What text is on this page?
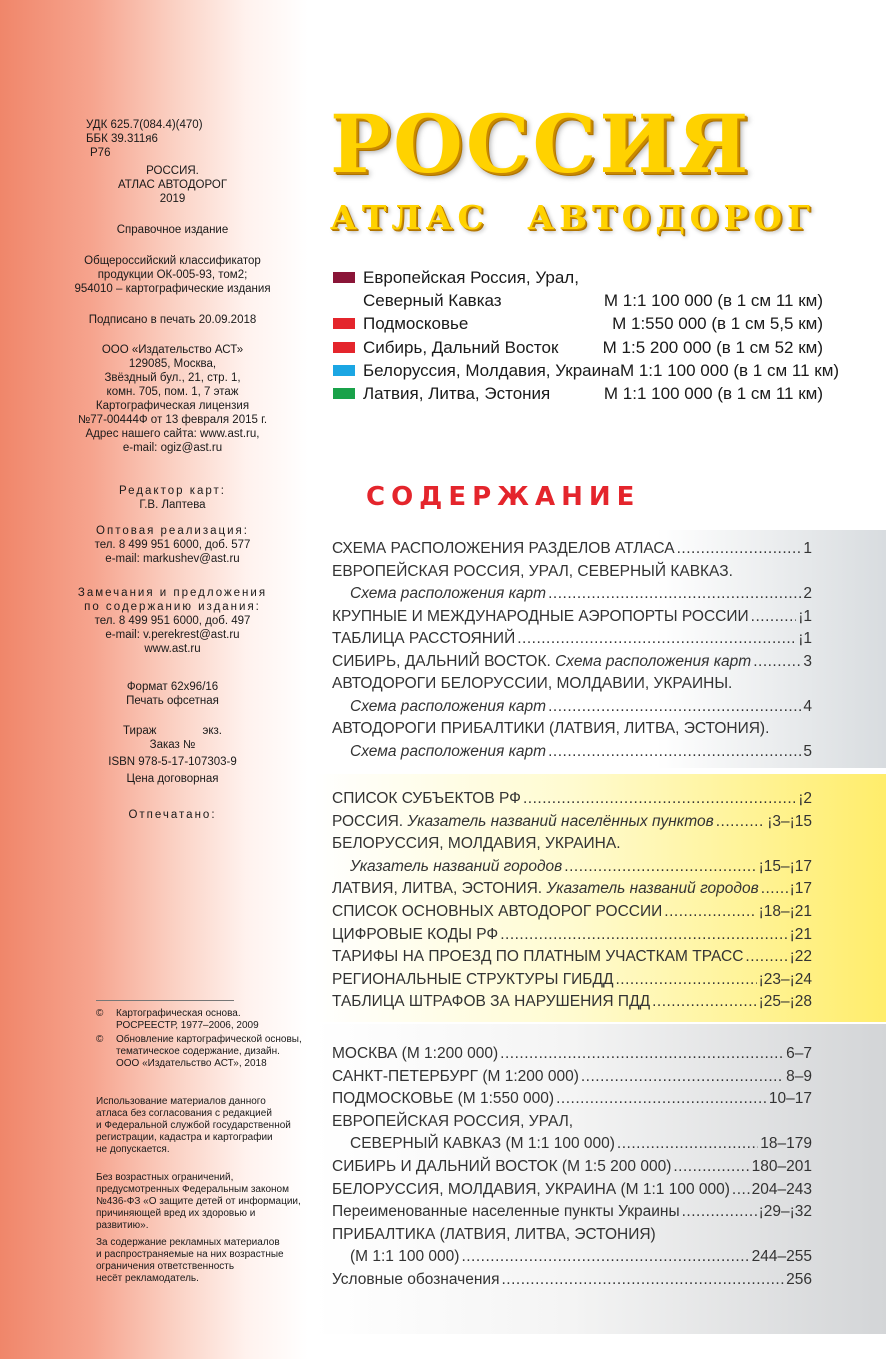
УДК 625.7(084.4)(470)
ББК 39.311я6
Р76
РОССИЯ.
АТЛАС АВТОДОРОГ
2019
Справочное издание
Общероссийский классификатор
продукции ОК-005-93, том2;
954010 – картографические издания
Подписано в печать 20.09.2018
ООО «Издательство АСТ»
129085, Москва,
Звёздный бул., 21, стр. 1,
комн. 705, пом. 1, 7 этаж
Картографическая лицензия
№77-00444Ф от 13 февраля 2015 г.
Адрес нашего сайта: www.ast.ru,
e-mail: ogiz@ast.ru
Редактор карт:
Г.В. Лаптева
Оптовая реализация:
тел. 8 499 951 6000, доб. 577
e-mail: markushev@ast.ru
Замечания и предложения
по содержанию издания:
тел. 8 499 951 6000, доб. 497
e-mail: v.perekrest@ast.ru
www.ast.ru
Формат 62х96/16
Печать офсетная
Тираж	экз.
Заказ №
ISBN 978-5-17-107303-9
Цена договорная
Отпечатано:
©	Картографическая основа.
РОСРЕЕСТР, 1977–2006, 2009
©	Обновление картографической основы,
тематическое содержание, дизайн.
ООО «Издательство АСТ», 2018
Использование материалов данного
атласа без согласования с редакцией
и Федеральной службой государственной
регистрации, кадастра и картографии
не допускается.
Без возрастных ограничений,
предусмотренных Федеральным законом
№436-ФЗ «О защите детей от информации,
причиняющей вред их здоровью и развитию».
За содержание рекламных материалов
и распространяемые на них возрастные
ограничения ответственность
несёт рекламодатель.
РОССИЯ
АТЛАС АВТОДОРОГ
Европейская Россия, Урал,
Северный Кавказ	М 1:1 100 000 (в 1 см 11 км)
Подмосковье	М 1:550 000 (в 1 см 5,5 км)
Сибирь, Дальний Восток	М 1:5 200 000 (в 1 см 52 км)
Белоруссия, Молдавия, Украина М 1:1 100 000 (в 1 см 11 км)
Латвия, Литва, Эстония	М 1:1 100 000 (в 1 см 11 км)
СОДЕРЖАНИЕ
СХЕМА РАСПОЛОЖЕНИЯ РАЗДЕЛОВ АТЛАСА .....	1
ЕВРОПЕЙСКАЯ РОССИЯ, УРАЛ, СЕВЕРНЫЙ КАВКАЗ.
Схема расположения карт .....	2
КРУПНЫЕ И МЕЖДУНАРОДНЫЕ АЭРОПОРТЫ РОССИИ .....	¡1
ТАБЛИЦА РАССТОЯНИЙ .....	¡1
СИБИРЬ, ДАЛЬНИЙ ВОСТОК. Схема расположения карт .....	3
АВТОДОРОГИ БЕЛОРУССИИ, МОЛДАВИИ, УКРАИНЫ.
Схема расположения карт .....	4
АВТОДОРОГИ ПРИБАЛТИКИ (ЛАТВИЯ, ЛИТВА, ЭСТОНИЯ).
Схема расположения карт .....	5
СПИСОК СУБЪЕКТОВ РФ .....	¡2
РОССИЯ. Указатель названий населённых пунктов .....	¡3–¡15
БЕЛОРУССИЯ, МОЛДАВИЯ, УКРАИНА.
Указатель названий городов .....	¡15–¡17
ЛАТВИЯ, ЛИТВА, ЭСТОНИЯ. Указатель названий городов ..... ¡17
СПИСОК ОСНОВНЫХ АВТОДОРОГ РОССИИ .....	¡18–¡21
ЦИФРОВЫЕ КОДЫ РФ .....	¡21
ТАРИФЫ НА ПРОЕЗД ПО ПЛАТНЫМ УЧАСТКАМ ТРАСС .....	¡22
РЕГИОНАЛЬНЫЕ СТРУКТУРЫ ГИБДД .....	¡23–¡24
ТАБЛИЦА ШТРАФОВ ЗА НАРУШЕНИЯ ПДД .....	¡25–¡28
МОСКВА (М 1:200 000) .....	6–7
САНКТ-ПЕТЕРБУРГ (М 1:200 000) .....	8–9
ПОДМОСКОВЬЕ (М 1:550 000) .....	10–17
ЕВРОПЕЙСКАЯ РОССИЯ, УРАЛ,
СЕВЕРНЫЙ КАВКАЗ (М 1:1 100 000) .....	18–179
СИБИРЬ И ДАЛЬНИЙ ВОСТОК (М 1:5 200 000) .....	180–201
БЕЛОРУССИЯ, МОЛДАВИЯ, УКРАИНА (М 1:1 100 000) ..... 204–243
Переименованные населенные пункты Украины .....	¡29–¡32
ПРИБАЛТИКА (ЛАТВИЯ, ЛИТВА, ЭСТОНИЯ)
(М 1:1 100 000) .....	244–255
Условные обозначения .....	256
